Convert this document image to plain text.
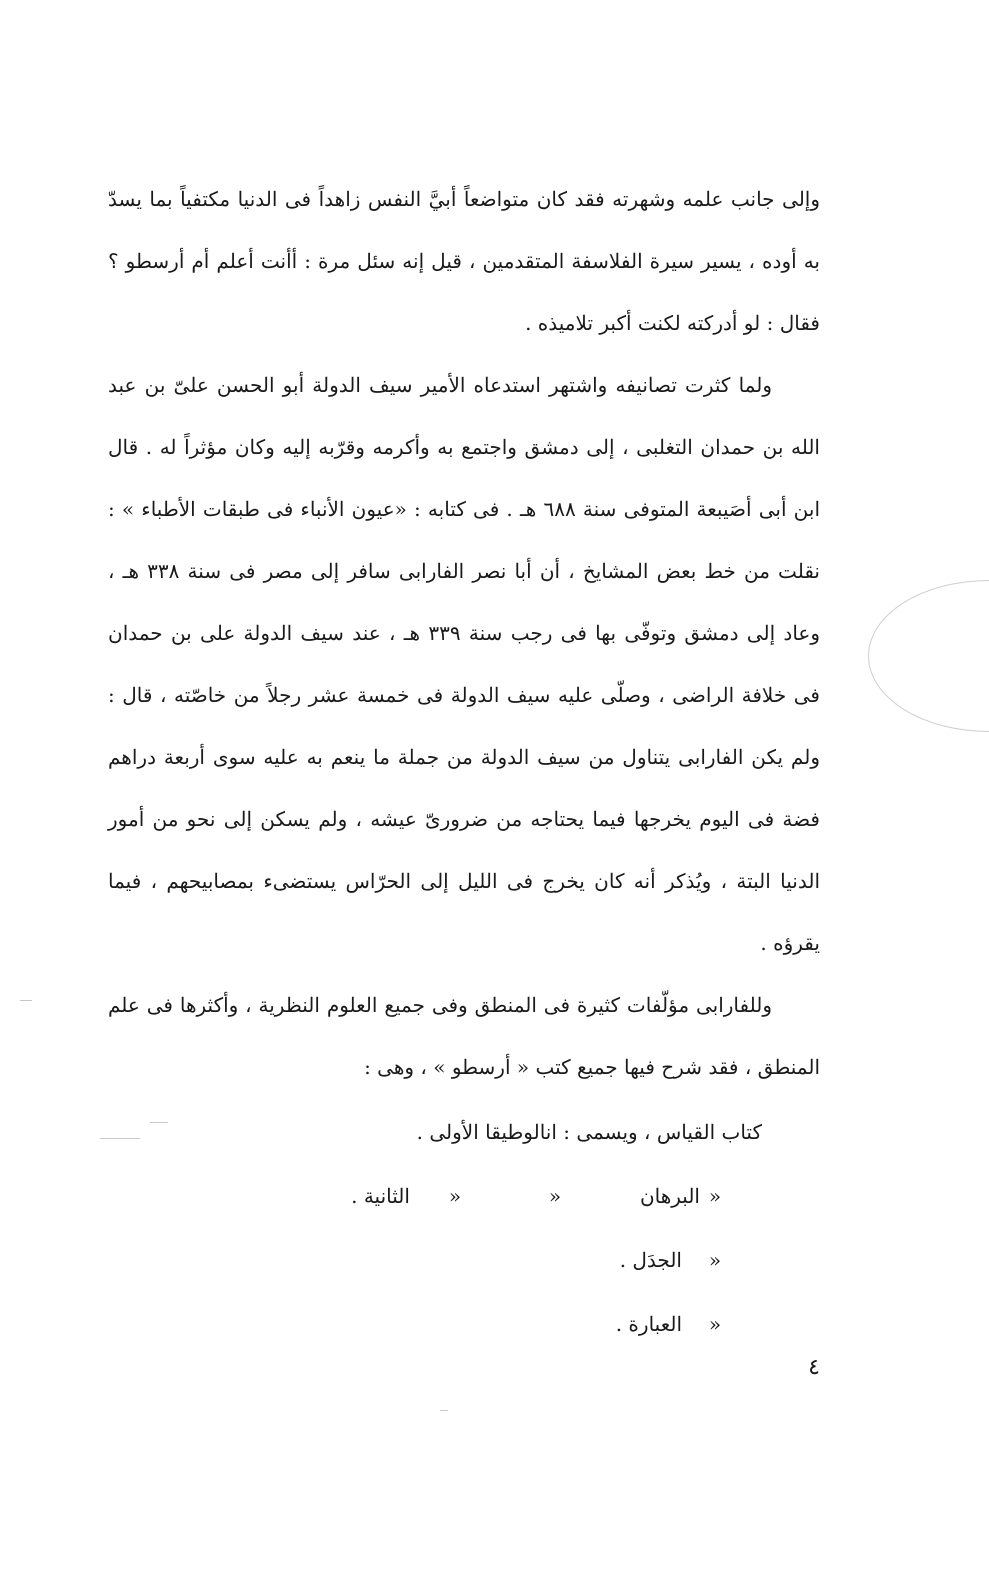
وإلى جانب علمه وشهرته فقد كان متواضعاً أبيَّ النفس زاهداً فى الدنيا مكتفياً بما يسدّ به أوده ، يسير سيرة الفلاسفة المتقدمين ، قيل إنه سئل مرة : أأنت أعلم أم أرسطو ؟ فقال : لو أدركته لكنت أكبر تلاميذه .

ولما كثرت تصانيفه واشتهر استدعاه الأمير سيف الدولة أبو الحسن علىّ بن عبد الله بن حمدان التغلبى ، إلى دمشق واجتمع به وأكرمه وقرّبه إليه وكان مؤثراً له . قال ابن أبى أصَيبعة المتوفى سنة ٦٨٨ هـ . فى كتابه : «عيون الأنباء فى طبقات الأطباء » : نقلت من خط بعض المشايخ ، أن أبا نصر الفارابى سافر إلى مصر فى سنة ٣٣٨ هـ ، وعاد إلى دمشق وتوفّى بها فى رجب سنة ٣٣٩ هـ ، عند سيف الدولة على بن حمدان فى خلافة الراضى ، وصلّى عليه سيف الدولة فى خمسة عشر رجلاً من خاصّته ، قال : ولم يكن الفارابى يتناول من سيف الدولة من جملة ما ينعم به عليه سوى أربعة دراهم فضة فى اليوم يخرجها فيما يحتاجه من ضرورىّ عيشه ، ولم يسكن إلى نحو من أمور الدنيا البتة ، ويُذكر أنه كان يخرج فى الليل إلى الحرّاس يستضىء بمصابيحهم ، فيما يقرؤه .

وللفارابى مؤلّفات كثيرة فى المنطق وفى جميع العلوم النظرية ، وأكثرها فى علم المنطق ، فقد شرح فيها جميع كتب « أرسطو » ، وهى :

كتاب القياس ، ويسمى : انالوطيقا الأولى .
«
البرهان
«
«
الثانية .
«
الجدَل .
«
العبارة .
٤
